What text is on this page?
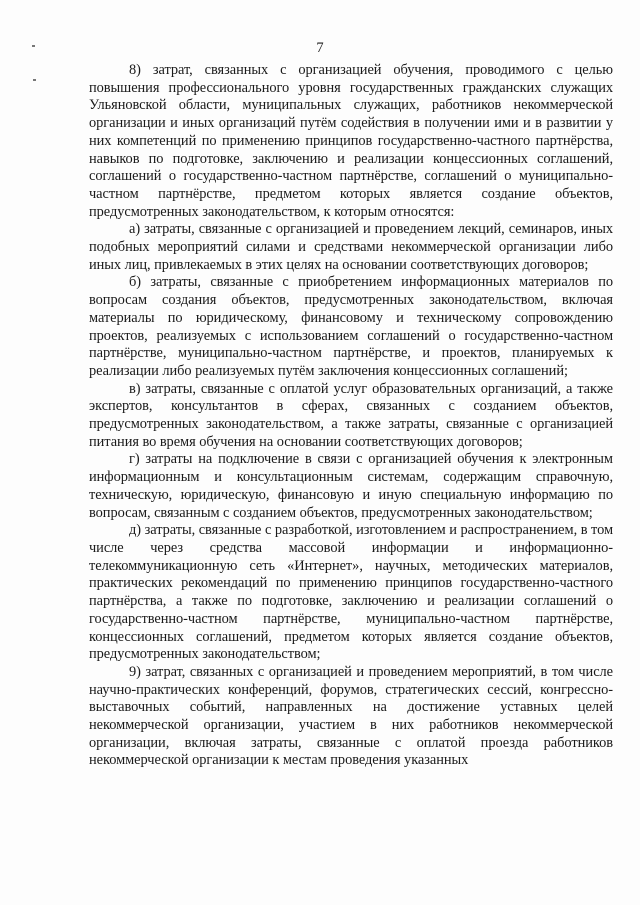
7

8) затрат, связанных с организацией обучения, проводимого с целью повышения профессионального уровня государственных гражданских служащих Ульяновской области, муниципальных служащих, работников некоммерческой организации и иных организаций путём содействия в получении ими и в развитии у них компетенций по применению принципов государственно-частного партнёрства, навыков по подготовке, заключению и реализации концессионных соглашений, соглашений о государственно-частном партнёрстве, соглашений о муниципально-частном партнёрстве, предметом которых является создание объектов, предусмотренных законодательством, к которым относятся:

а) затраты, связанные с организацией и проведением лекций, семинаров, иных подобных мероприятий силами и средствами некоммерческой организации либо иных лиц, привлекаемых в этих целях на основании соответствующих договоров;

б) затраты, связанные с приобретением информационных материалов по вопросам создания объектов, предусмотренных законодательством, включая материалы по юридическому, финансовому и техническому сопровождению проектов, реализуемых с использованием соглашений о государственно-частном партнёрстве, муниципально-частном партнёрстве, и проектов, планируемых к реализации либо реализуемых путём заключения концессионных соглашений;

в) затраты, связанные с оплатой услуг образовательных организаций, а также экспертов, консультантов в сферах, связанных с созданием объектов, предусмотренных законодательством, а также затраты, связанные с организацией питания во время обучения на основании соответствующих договоров;

г) затраты на подключение в связи с организацией обучения к электронным информационным и консультационным системам, содержащим справочную, техническую, юридическую, финансовую и иную специальную информацию по вопросам, связанным с созданием объектов, предусмотренных законодательством;

д) затраты, связанные с разработкой, изготовлением и распространением, в том числе через средства массовой информации и информационно-телекоммуникационную сеть «Интернет», научных, методических материалов, практических рекомендаций по применению принципов государственно-частного партнёрства, а также по подготовке, заключению и реализации соглашений о государственно-частном партнёрстве, муниципально-частном партнёрстве, концессионных соглашений, предметом которых является создание объектов, предусмотренных законодательством;

9) затрат, связанных с организацией и проведением мероприятий, в том числе научно-практических конференций, форумов, стратегических сессий, конгрессно-выставочных событий, направленных на достижение уставных целей некоммерческой организации, участием в них работников некоммерческой организации, включая затраты, связанные с оплатой проезда работников некоммерческой организации к местам проведения указанных
